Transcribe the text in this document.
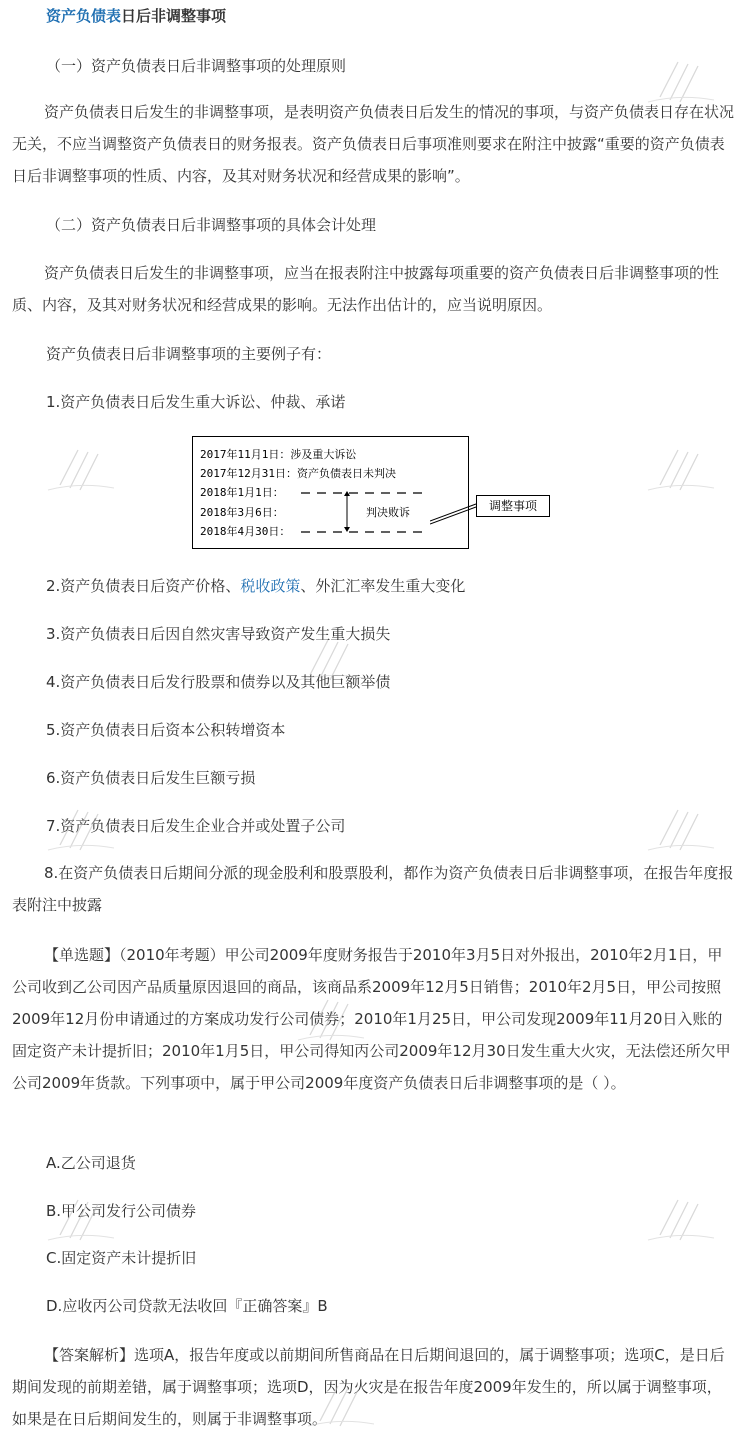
资产负债表日后非调整事项

（一）资产负债表日后非调整事项的处理原则

资产负债表日后发生的非调整事项，是表明资产负债表日后发生的情况的事项，与资产负债表日存在状况无关，不应当调整资产负债表日的财务报表。资产负债表日后事项准则要求在附注中披露“重要的资产负债表日后非调整事项的性质、内容，及其对财务状况和经营成果的影响”。

（二）资产负债表日后非调整事项的具体会计处理

资产负债表日后发生的非调整事项，应当在报表附注中披露每项重要的资产负债表日后非调整事项的性质、内容，及其对财务状况和经营成果的影响。无法作出估计的，应当说明原因。

资产负债表日后非调整事项的主要例子有：

1.资产负债表日后发生重大诉讼、仲裁、承诺

2017年11月1日：涉及重大诉讼
2017年12月31日：资产负债表日未判决
2018年1月1日：
2018年3月6日：
2018年4月30日：
判决败诉	调整事项

2.资产负债表日后资产价格、税收政策、外汇汇率发生重大变化

3.资产负债表日后因自然灾害导致资产发生重大损失

4.资产负债表日后发行股票和债券以及其他巨额举债

5.资产负债表日后资本公积转增资本

6.资产负债表日后发生巨额亏损

7.资产负债表日后发生企业合并或处置子公司

8.在资产负债表日后期间分派的现金股利和股票股利，都作为资产负债表日后非调整事项，在报告年度报表附注中披露

【单选题】（2010年考题）甲公司2009年度财务报告于2010年3月5日对外报出，2010年2月1日，甲公司收到乙公司因产品质量原因退回的商品，该商品系2009年12月5日销售；2010年2月5日，甲公司按照2009年12月份申请通过的方案成功发行公司债券；2010年1月25日，甲公司发现2009年11月20日入账的固定资产未计提折旧；2010年1月5日，甲公司得知丙公司2009年12月30日发生重大火灾，无法偿还所欠甲公司2009年货款。下列事项中，属于甲公司2009年度资产负债表日后非调整事项的是（ ）。

A.乙公司退货

B.甲公司发行公司债券

C.固定资产未计提折旧

D.应收丙公司贷款无法收回『正确答案』B

【答案解析】选项A，报告年度或以前期间所售商品在日后期间退回的，属于调整事项；选项C，是日后期间发现的前期差错，属于调整事项；选项D，因为火灾是在报告年度2009年发生的，所以属于调整事项，如果是在日后期间发生的，则属于非调整事项。
